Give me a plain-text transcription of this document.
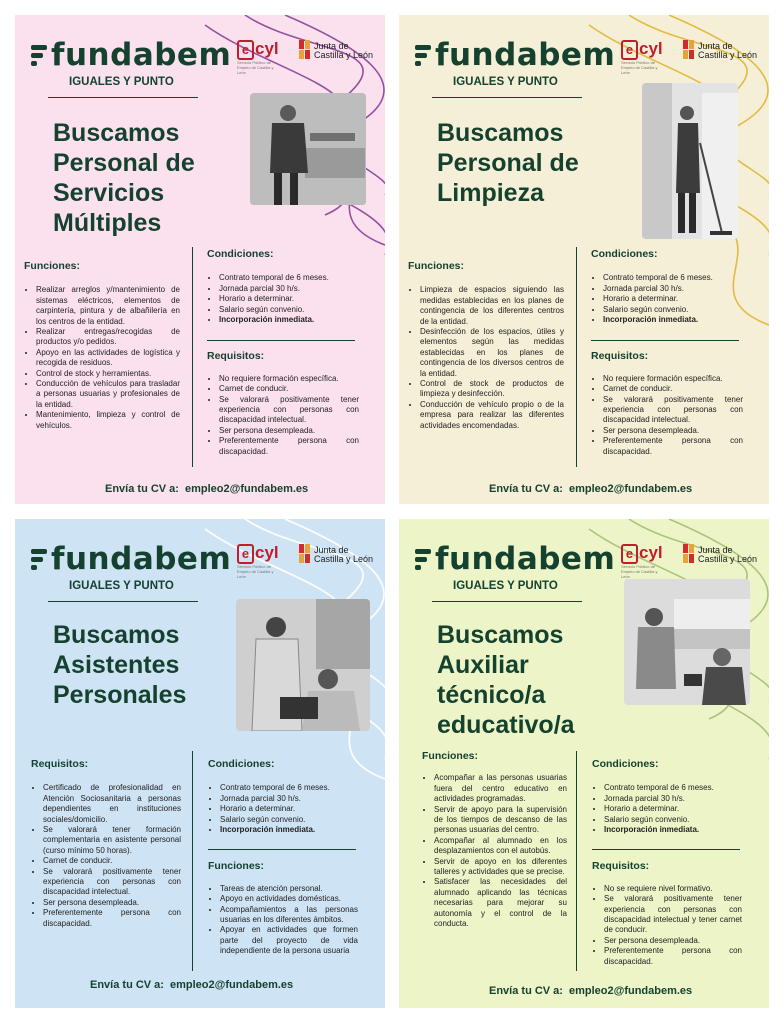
fundabem
IGUALES Y PUNTO
e cyl
Servicio Público de Empleo de Castilla y León
Junta de Castilla y León
Buscamos
Personal de
Servicios
Múltiples
Funciones:
• Realizar arreglos y/mantenimiento de sistemas eléctricos, elementos de carpintería, pintura y de albañilería en los centros de la entidad.
• Realizar entregas/recogidas de productos y/o pedidos.
• Apoyo en las actividades de logística y recogida de residuos.
• Control de stock y herramientas.
• Conducción de vehículos para trasladar a personas usuarias y profesionales de la entidad.
• Mantenimiento, limpieza y control de vehículos.
Condiciones:
• Contrato temporal de 6 meses.
• Jornada parcial 30 h/s.
• Horario a determinar.
• Salario según convenio.
• Incorporación inmediata.
Requisitos:
• No requiere formación específica.
• Carnet de conducir.
• Se valorará positivamente tener experiencia con personas con discapacidad intelectual.
• Ser persona desempleada.
• Preferentemente persona con discapacidad.
Envía tu CV a: empleo2@fundabem.es
fundabem
IGUALES Y PUNTO
e cyl
Servicio Público de Empleo de Castilla y León
Junta de Castilla y León
Buscamos
Personal de
Limpieza
Funciones:
• Limpieza de espacios siguiendo las medidas establecidas en los planes de contingencia de los diferentes centros de la entidad.
• Desinfección de los espacios, útiles y elementos según las medidas establecidas en los planes de contingencia de los diversos centros de la entidad.
• Control de stock de productos de limpieza y desinfección.
• Conducción de vehículo propio o de la empresa para realizar las diferentes actividades encomendadas.
Condiciones:
• Contrato temporal de 6 meses.
• Jornada parcial 30 h/s.
• Horario a determinar.
• Salario según convenio.
• Incorporación inmediata.
Requisitos:
• No requiere formación específica.
• Carnet de conducir.
• Se valorará positivamente tener experiencia con personas con discapacidad intelectual.
• Ser persona desempleada.
• Preferentemente persona con discapacidad.
Envía tu CV a: empleo2@fundabem.es
fundabem
IGUALES Y PUNTO
e cyl
Servicio Público de Empleo de Castilla y León
Junta de Castilla y León
Buscamos
Asistentes
Personales
Requisitos:
• Certificado de profesionalidad en Atención Sociosanitaria a personas dependientes en instituciones sociales/domicilio.
• Se valorará tener formación complementaria en asistente personal (curso mínimo 50 horas).
• Carnet de conducir.
• Se valorará positivamente tener experiencia con personas con discapacidad intelectual.
• Ser persona desempleada.
• Preferentemente persona con discapacidad.
Condiciones:
• Contrato temporal de 6 meses.
• Jornada parcial 30 h/s.
• Horario a determinar.
• Salario según convenio.
• Incorporación inmediata.
Funciones:
• Tareas de atención personal.
• Apoyo en actividades domésticas.
• Acompañamientos a las personas usuarias en los diferentes ámbitos.
• Apoyar en actividades que formen parte del proyecto de vida independiente de la persona usuaria
Envía tu CV a: empleo2@fundabem.es
fundabem
IGUALES Y PUNTO
e cyl
Servicio Público de Empleo de Castilla y León
Junta de Castilla y León
Buscamos
Auxiliar
técnico/a
educativo/a
Funciones:
• Acompañar a las personas usuarias fuera del centro educativo en actividades programadas.
• Servir de apoyo para la supervisión de los tiempos de descanso de las personas usuarias del centro.
• Acompañar al alumnado en los desplazamientos con el autobús.
• Servir de apoyo en los diferentes talleres y actividades que se precise.
• Satisfacer las necesidades del alumnado aplicando las técnicas necesarias para mejorar su autonomía y el control de la conducta.
Condiciones:
• Contrato temporal de 6 meses.
• Jornada parcial 30 h/s.
• Horario a determinar.
• Salario según convenio.
• Incorporación inmediata.
Requisitos:
• No se requiere nivel formativo.
• Se valorará positivamente tener experiencia con personas con discapacidad intelectual y tener carnet de conducir.
• Ser persona desempleada.
• Preferentemente persona con discapacidad.
Envía tu CV a: empleo2@fundabem.es
